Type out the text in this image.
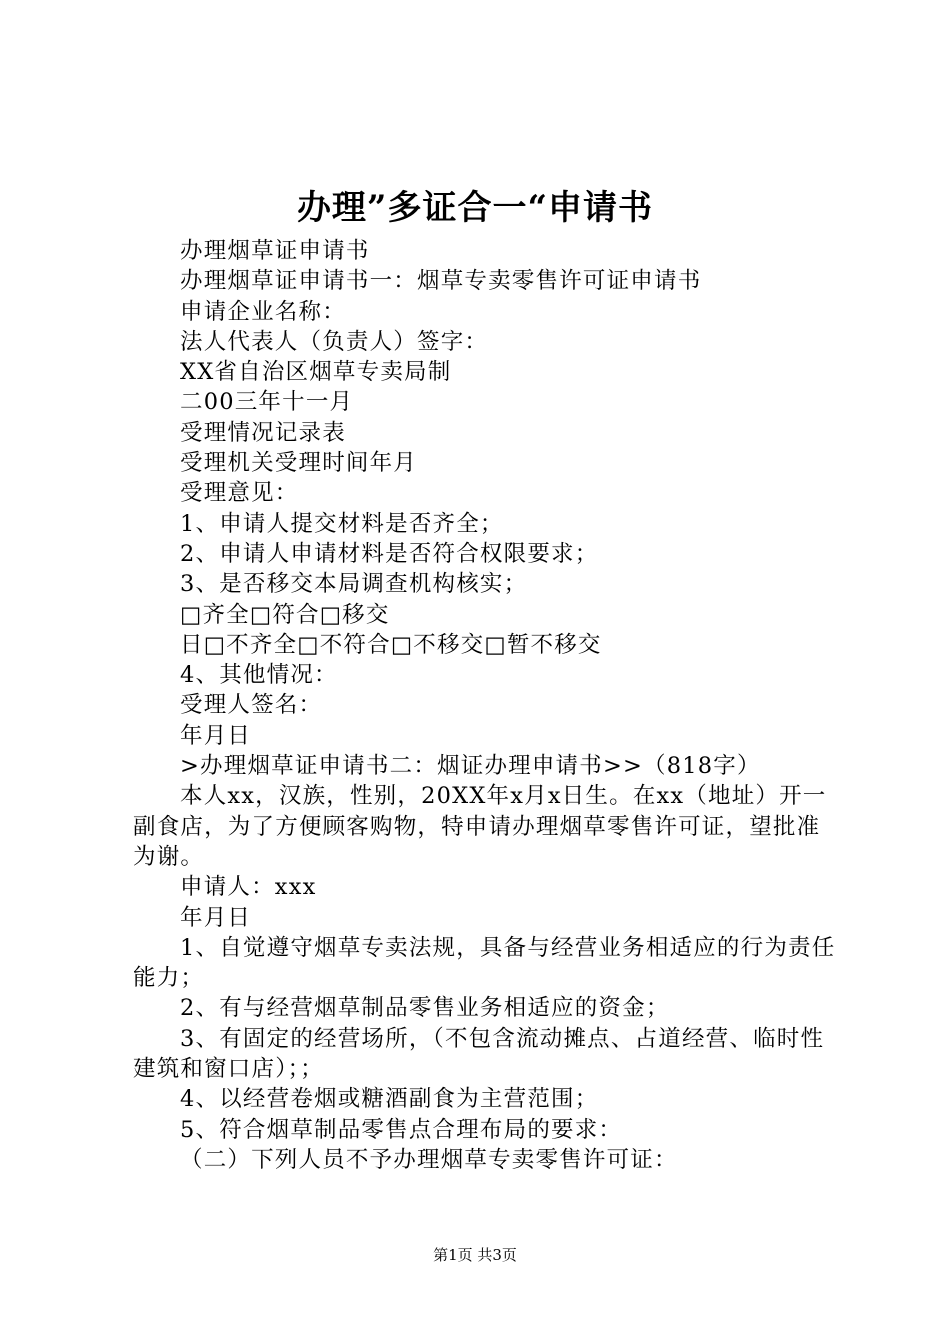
办理”多证合一“申请书

办理烟草证申请书

办理烟草证申请书一：烟草专卖零售许可证申请书

申请企业名称：

法人代表人（负责人）签字：

XX省自治区烟草专卖局制

二00三年十一月

受理情况记录表

受理机关受理时间年月

受理意见：

1、申请人提交材料是否齐全；

2、申请人申请材料是否符合权限要求；

3、是否移交本局调查机构核实；

□齐全□符合□移交

日□不齐全□不符合□不移交□暂不移交

4、其他情况：

受理人签名：

年月日

>办理烟草证申请书二：烟证办理申请书>>（818字）

本人xx，汉族，性别，20XX年x月x日生。在xx（地址）开一副食店，为了方便顾客购物，特申请办理烟草零售许可证，望批准为谢。

申请人：xxx

年月日

1、自觉遵守烟草专卖法规，具备与经营业务相适应的行为责任能力；

2、有与经营烟草制品零售业务相适应的资金；

3、有固定的经营场所，（不包含流动摊点、占道经营、临时性建筑和窗口店）；；

4、以经营卷烟或糖酒副食为主营范围；

5、符合烟草制品零售点合理布局的要求：

（二）下列人员不予办理烟草专卖零售许可证：

第1页 共3页
